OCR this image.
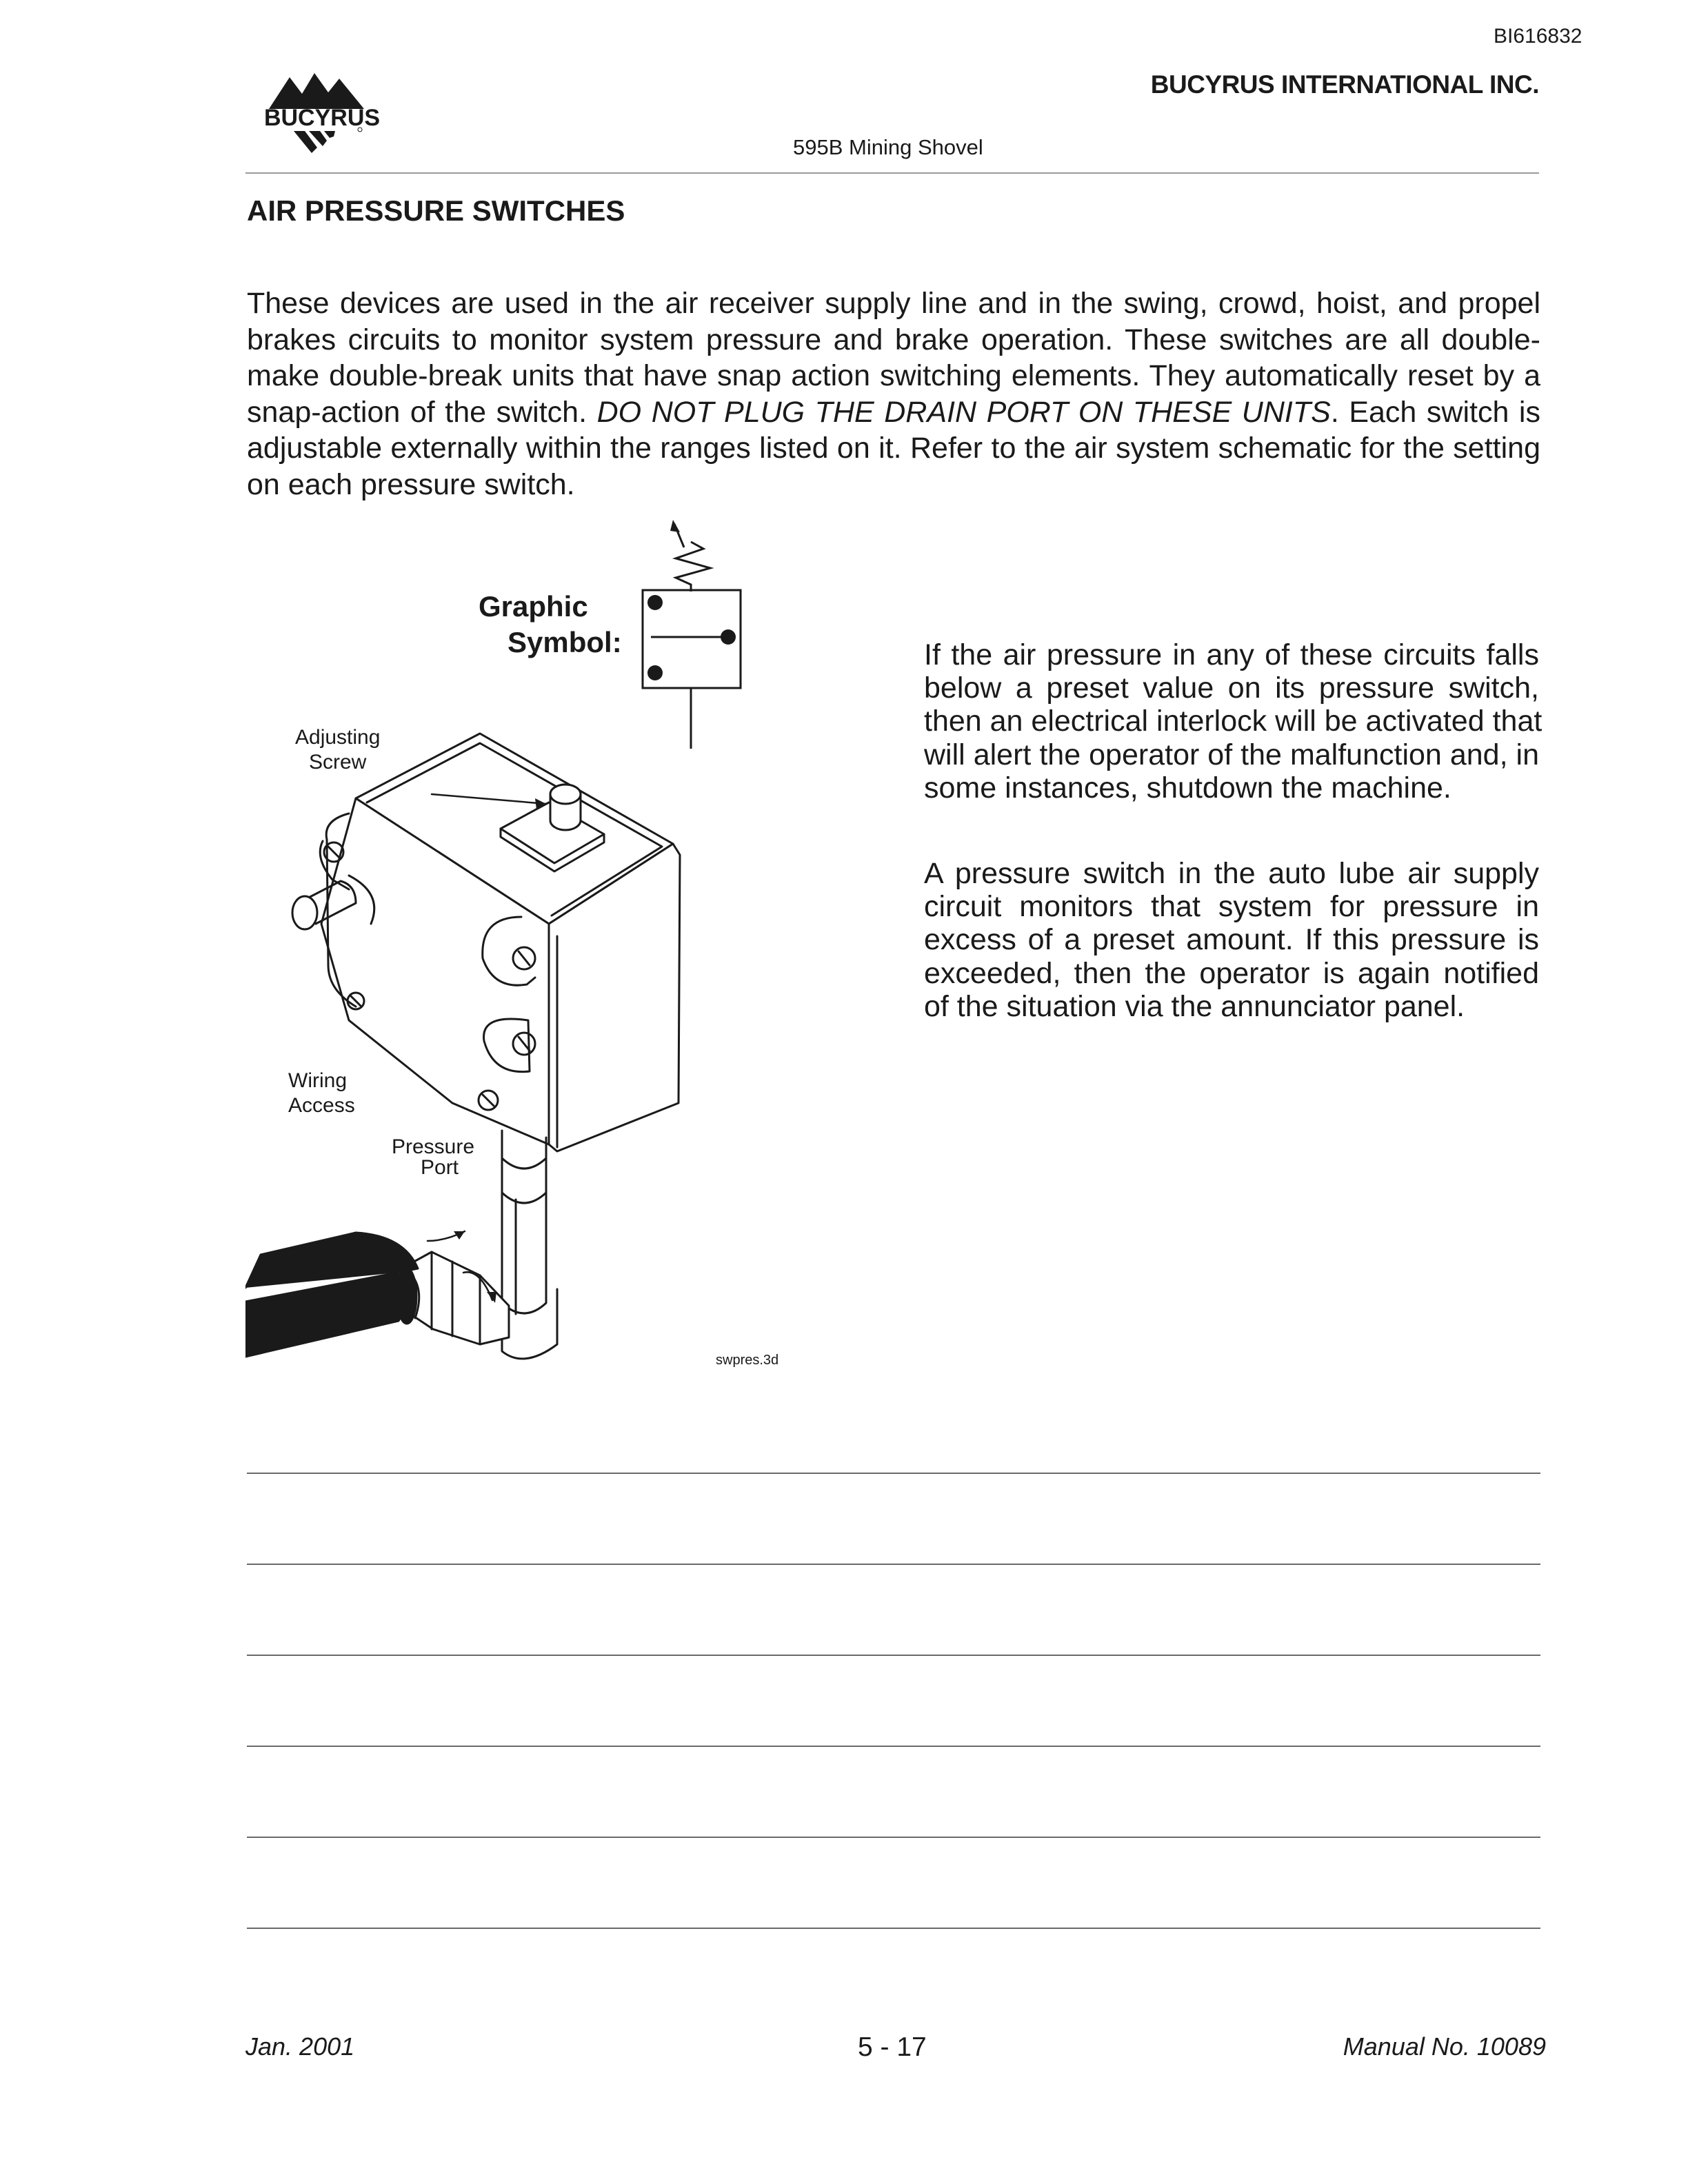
BI616832
BUCYRUS
BUCYRUS INTERNATIONAL INC.
595B Mining Shovel
AIR PRESSURE SWITCHES

These devices are used in the air receiver supply line and in the swing, crowd, hoist, and propel
brakes circuits to monitor system pressure and brake operation. These switches are all double-
make double-break units that have snap action switching elements. They automatically reset by a
snap-action of the switch. DO NOT PLUG THE DRAIN PORT ON THESE UNITS. Each switch is
adjustable externally within the ranges listed on it. Refer to the air system schematic for the setting
on each pressure switch.

Graphic
Symbol:
Adjusting
Screw
Wiring
Access
Pressure
Port
swpres.3d

If the air pressure in any of these circuits falls
below a preset value on its pressure switch,
then an electrical interlock will be activated that
will alert the operator of the malfunction and, in
some instances, shutdown the machine.

A pressure switch in the auto lube air supply
circuit monitors that system for pressure in
excess of a preset amount. If this pressure is
exceeded, then the operator is again notified
of the situation via the annunciator panel.

Jan. 2001	5 - 17	Manual No. 10089
